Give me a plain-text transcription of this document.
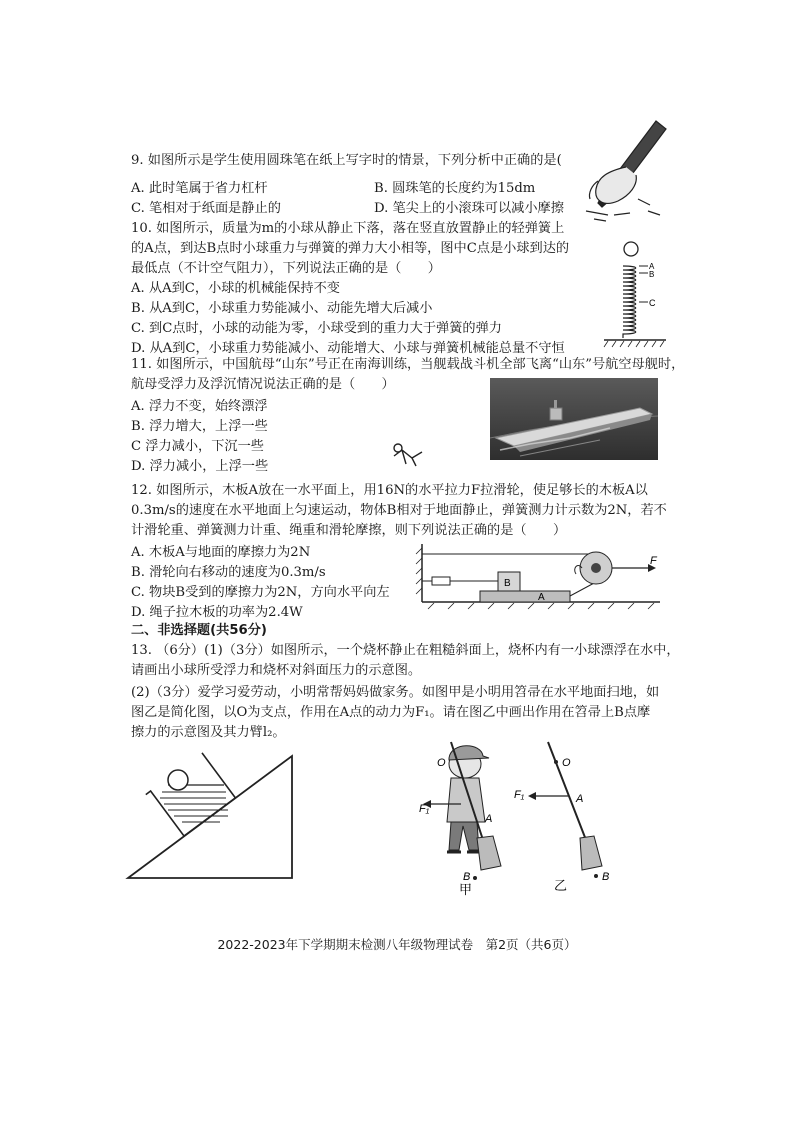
9. 如图所示是学生使用圆珠笔在纸上写字时的情景，下列分析中正确的是(
A. 此时笔属于省力杠杆	B. 圆珠笔的长度约为15dm
C. 笔相对于纸面是静止的	D. 笔尖上的小滚珠可以减小摩擦
10. 如图所示，质量为m的小球从静止下落，落在竖直放置静止的轻弹簧上
的A点，到达B点时小球重力与弹簧的弹力大小相等，图中C点是小球到达的
最低点（不计空气阻力），下列说法正确的是（　　）
A. 从A到C，小球的机械能保持不变
B. 从A到C，小球重力势能减小、动能先增大后减小
C. 到C点时，小球的动能为零，小球受到的重力大于弹簧的弹力
D. 从A到C，小球重力势能减小、动能增大、小球与弹簧机械能总量不守恒
A
B
C
11. 如图所示，中国航母“山东”号正在南海训练，当舰载战斗机全部飞离“山东”号航空母舰时，
航母受浮力及浮沉情况说法正确的是（　　）
A. 浮力不变，始终漂浮
B. 浮力增大，上浮一些
C 浮力减小，下沉一些
D. 浮力减小，上浮一些
12. 如图所示，木板A放在一水平面上，用16N的水平拉力F拉滑轮，使足够长的木板A以
0.3m/s的速度在水平地面上匀速运动，物体B相对于地面静止，弹簧测力计示数为2N，若不
计滑轮重、弹簧测力计重、绳重和滑轮摩擦，则下列说法正确的是（　　）
A. 木板A与地面的摩擦力为2N
B. 滑轮向右移动的速度为0.3m/s
C. 物块B受到的摩擦力为2N，方向水平向左
D. 绳子拉木板的功率为2.4W
A
B
F
二、非选择题(共56分)
13. （6分）(1)（3分）如图所示，一个烧杯静止在粗糙斜面上，烧杯内有一小球漂浮在水中，
请画出小球所受浮力和烧杯对斜面压力的示意图。
(2)（3分）爱学习爱劳动，小明常帮妈妈做家务。如图甲是小明用笤帚在水平地面扫地，如
图乙是简化图，以O为支点，作用在A点的动力为F₁。请在图乙中画出作用在笤帚上B点摩
擦力的示意图及其力臂l₂。
F₁
O
A
B
甲
O
F₁	A
B
乙
2022-2023年下学期期末检测八年级物理试卷　第2页（共6页）
